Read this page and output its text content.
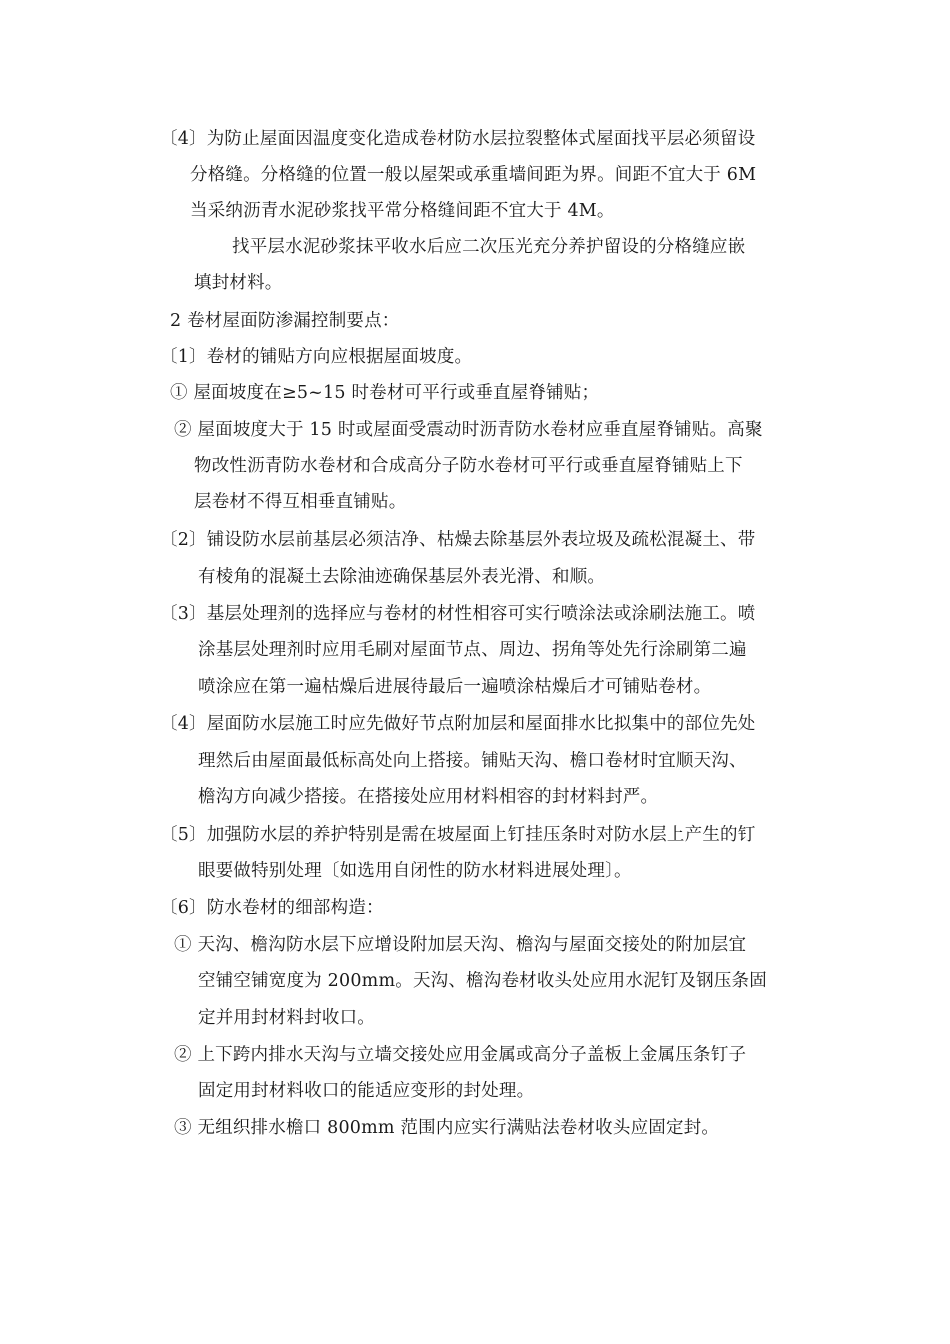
〔4〕为防止屋面因温度变化造成卷材防水层拉裂整体式屋面找平层必须留设
分格缝。分格缝的位置一般以屋架或承重墙间距为界。间距不宜大于 6M
当采纳沥青水泥砂浆找平常分格缝间距不宜大于 4M。
找平层水泥砂浆抹平收水后应二次压光充分养护留设的分格缝应嵌
填封材料。
2 卷材屋面防渗漏控制要点：
〔1〕卷材的铺贴方向应根据屋面坡度。
① 屋面坡度在≥5~15 时卷材可平行或垂直屋脊铺贴；
② 屋面坡度大于 15 时或屋面受震动时沥青防水卷材应垂直屋脊铺贴。高聚
物改性沥青防水卷材和合成高分子防水卷材可平行或垂直屋脊铺贴上下
层卷材不得互相垂直铺贴。
〔2〕铺设防水层前基层必须洁净、枯燥去除基层外表垃圾及疏松混凝土、带
有棱角的混凝土去除油迹确保基层外表光滑、和顺。
〔3〕基层处理剂的选择应与卷材的材性相容可实行喷涂法或涂刷法施工。喷
涂基层处理剂时应用毛刷对屋面节点、周边、拐角等处先行涂刷第二遍
喷涂应在第一遍枯燥后进展待最后一遍喷涂枯燥后才可铺贴卷材。
〔4〕屋面防水层施工时应先做好节点附加层和屋面排水比拟集中的部位先处
理然后由屋面最低标高处向上搭接。铺贴天沟、檐口卷材时宜顺天沟、
檐沟方向减少搭接。在搭接处应用材料相容的封材料封严。
〔5〕加强防水层的养护特别是需在坡屋面上钉挂压条时对防水层上产生的钉
眼要做特别处理〔如选用自闭性的防水材料进展处理〕。
〔6〕防水卷材的细部构造：
① 天沟、檐沟防水层下应增设附加层天沟、檐沟与屋面交接处的附加层宜
空铺空铺宽度为 200mm。天沟、檐沟卷材收头处应用水泥钉及钢压条固
定并用封材料封收口。
② 上下跨内排水天沟与立墙交接处应用金属或高分子盖板上金属压条钉子
固定用封材料收口的能适应变形的封处理。
③ 无组织排水檐口 800mm 范围内应实行满贴法卷材收头应固定封。
